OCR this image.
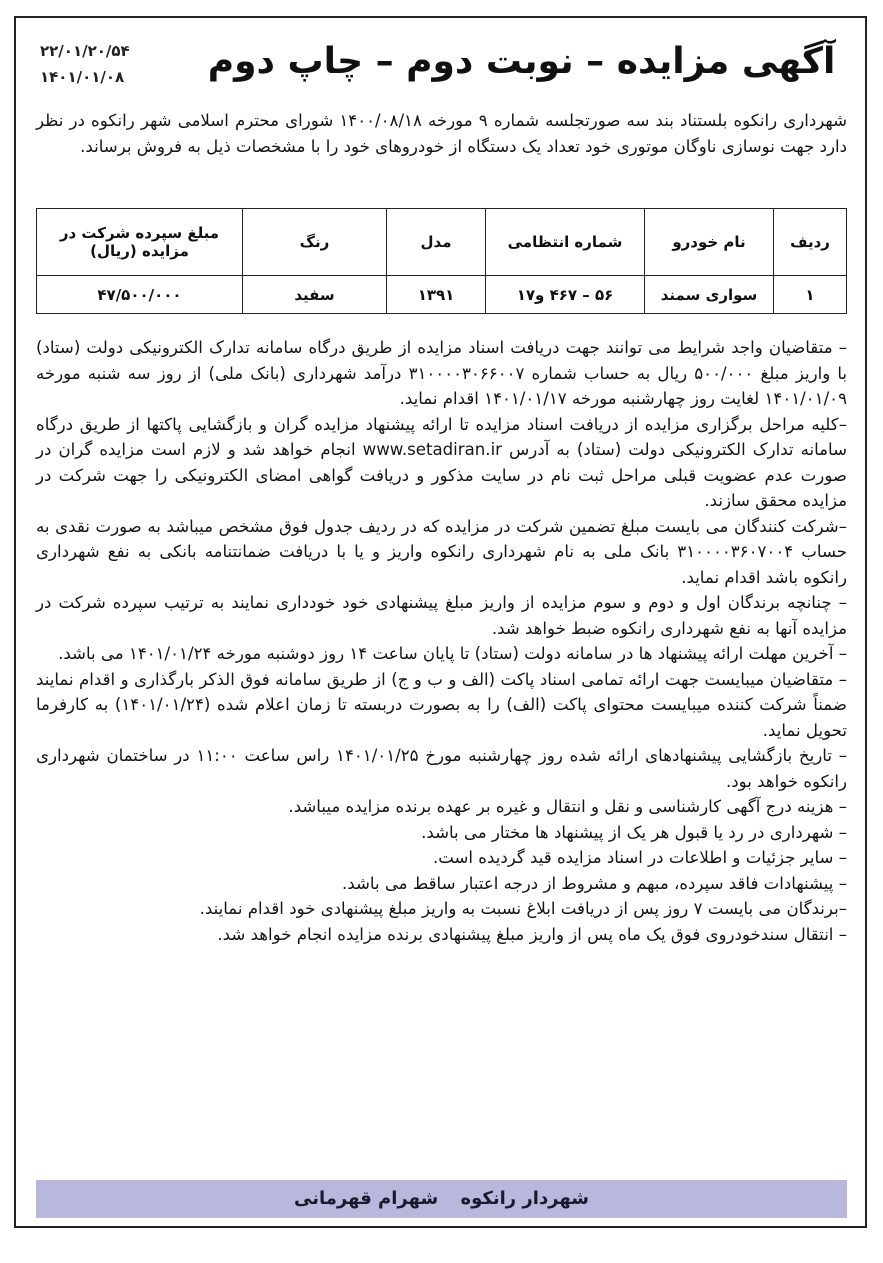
۲۲/۰۱/۲۰/۵۴
۱۴۰۱/۰۱/۰۸	آگهی مزایده – نوبت دوم – چاپ دوم

شهرداری رانکوه بلستناد بند سه صورتجلسه شماره ۹ مورخه ۱۴۰۰/۰۸/۱۸ شورای محترم اسلامی شهر رانکوه در نظر دارد جهت نوسازی ناوگان موتوری خود تعداد یک دستگاه از خودروهای خود را با مشخصات ذیل به فروش برساند.

ردیف	نام خودرو	شماره انتظامی	مدل	رنگ	مبلغ سپرده شرکت در مزایده (ریال)
۱	سواری سمند	۵۶ – ۴۶۷ و۱۷	۱۳۹۱	سفید	۴۷/۵۰۰/۰۰۰

– متقاضیان واجد شرایط می توانند جهت دریافت اسناد مزایده از طریق درگاه سامانه تدارک الکترونیکی دولت (ستاد) با واریز مبلغ ۵۰۰/۰۰۰ ریال به حساب شماره ۳۱۰۰۰۰۳۰۶۶۰۰۷ درآمد شهرداری (بانک ملی) از روز سه شنبه مورخه ۱۴۰۱/۰۱/۰۹ لغایت روز چهارشنبه مورخه ۱۴۰۱/۰۱/۱۷ اقدام نماید.

–کلیه مراحل برگزاری مزایده از دریافت اسناد مزایده تا ارائه پیشنهاد مزایده گران و بازگشایی پاکتها از طریق درگاه سامانه تدارک الکترونیکی دولت (ستاد) به آدرس www.setadiran.ir انجام خواهد شد و لازم است مزایده گران در صورت عدم عضویت قبلی مراحل ثبت نام در سایت مذکور و دریافت گواهی امضای الکترونیکی را جهت شرکت در مزایده محقق سازند.

–شرکت کنندگان می بایست مبلغ تضمین شرکت در مزایده که در ردیف جدول فوق مشخص میباشد به صورت نقدی به حساب ۳۱۰۰۰۰۳۶۰۷۰۰۴ بانک ملی به نام شهرداری رانکوه واریز و یا با دریافت ضمانتنامه بانکی به نفع شهرداری رانکوه باشد اقدام نماید.

– چنانچه برندگان اول و دوم و سوم مزایده از واریز مبلغ پیشنهادی خود خودداری نمایند به ترتیب سپرده شرکت در مزایده آنها به نفع شهرداری رانکوه ضبط خواهد شد.

– آخرین مهلت ارائه پیشنهاد ها در سامانه دولت (ستاد) تا پایان ساعت ۱۴ روز دوشنبه مورخه ۱۴۰۱/۰۱/۲۴ می باشد.

– متقاضیان میبایست جهت ارائه تمامی اسناد پاکت (الف و ب و ج) از طریق سامانه فوق الذکر بارگذاری و اقدام نمایند ضمناً شرکت کننده میبایست محتوای پاکت (الف) را به بصورت دربسته تا زمان اعلام شده (۱۴۰۱/۰۱/۲۴) به کارفرما تحویل نماید.

– تاریخ بازگشایی پیشنهادهای ارائه شده روز چهارشنبه مورخ ۱۴۰۱/۰۱/۲۵ راس ساعت ۱۱:۰۰ در ساختمان شهرداری رانکوه خواهد بود.

– هزینه درج آگهی کارشناسی و نقل و انتقال و غیره بر عهده برنده مزایده میباشد.

– شهرداری در رد یا قبول هر یک از پیشنهاد ها مختار می باشد.

– سایر جزئیات و اطلاعات در اسناد مزایده قید گردیده است.

– پیشنهادات فاقد سپرده، مبهم و مشروط از درجه اعتبار ساقط می باشد.

–برندگان می بایست ۷ روز پس از دریافت ابلاغ نسبت به واریز مبلغ پیشنهادی خود اقدام نمایند.

– انتقال سندخودروی فوق یک ماه پس از واریز مبلغ پیشنهادی برنده مزایده انجام خواهد شد.

شهردار رانکوه شهرام قهرمانی
